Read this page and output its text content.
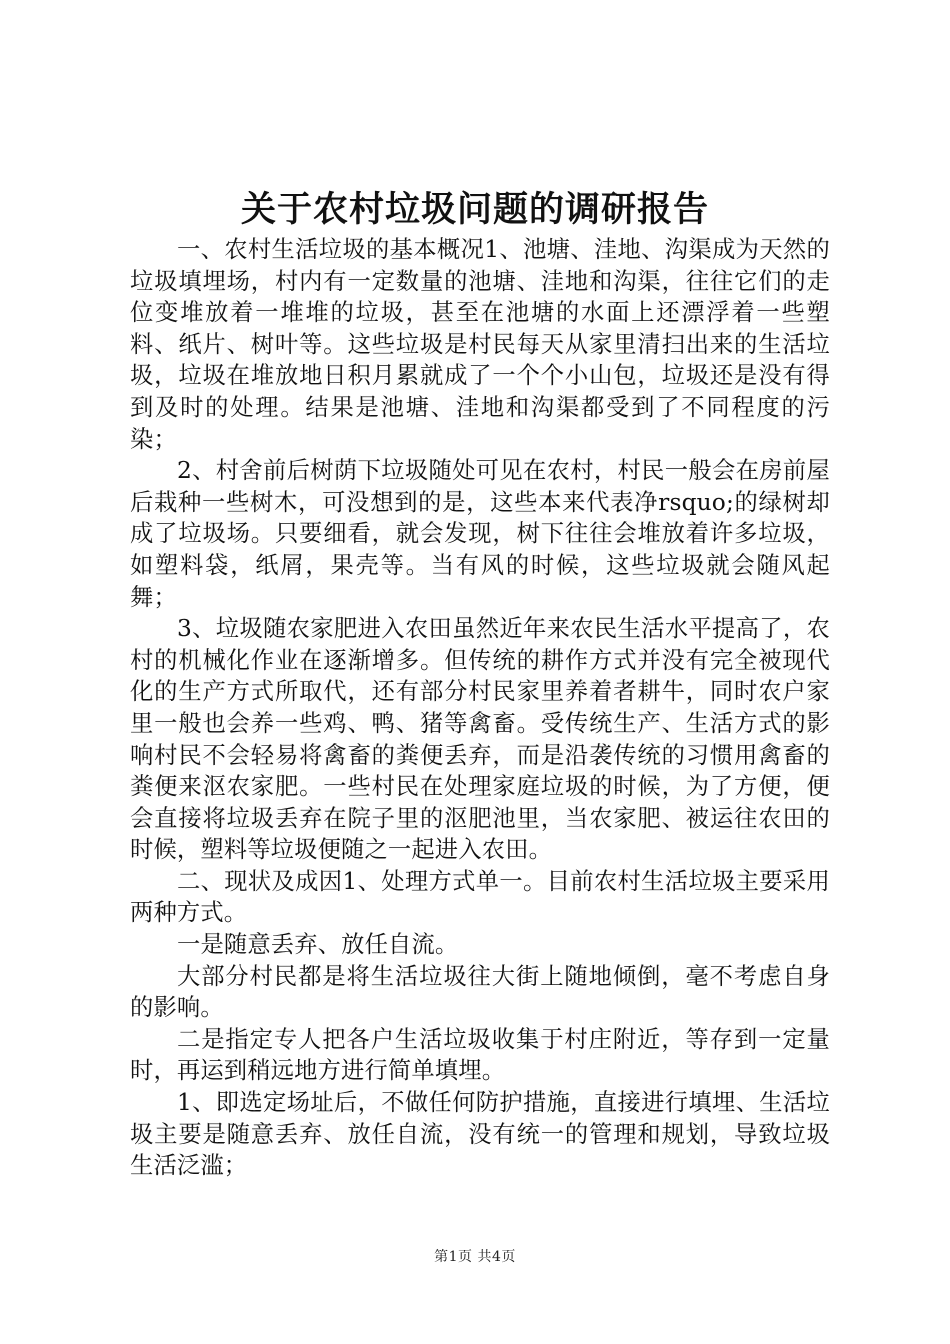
关于农村垃圾问题的调研报告

一、农村生活垃圾的基本概况1、池塘、洼地、沟渠成为天然的垃圾填埋场，村内有一定数量的池塘、洼地和沟渠，往往它们的走位变堆放着一堆堆的垃圾，甚至在池塘的水面上还漂浮着一些塑料、纸片、树叶等。这些垃圾是村民每天从家里清扫出来的生活垃圾，垃圾在堆放地日积月累就成了一个个小山包，垃圾还是没有得到及时的处理。结果是池塘、洼地和沟渠都受到了不同程度的污染；

2、村舍前后树荫下垃圾随处可见在农村，村民一般会在房前屋后栽种一些树木，可没想到的是，这些本来代表净rsquo;的绿树却成了垃圾场。只要细看，就会发现，树下往往会堆放着许多垃圾，如塑料袋，纸屑，果壳等。当有风的时候，这些垃圾就会随风起舞；

3、垃圾随农家肥进入农田虽然近年来农民生活水平提高了，农村的机械化作业在逐渐增多。但传统的耕作方式并没有完全被现代化的生产方式所取代，还有部分村民家里养着者耕牛，同时农户家里一般也会养一些鸡、鸭、猪等禽畜。受传统生产、生活方式的影响村民不会轻易将禽畜的粪便丢弃，而是沿袭传统的习惯用禽畜的粪便来沤农家肥。一些村民在处理家庭垃圾的时候，为了方便，便会直接将垃圾丢弃在院子里的沤肥池里，当农家肥、被运往农田的时候，塑料等垃圾便随之一起进入农田。

二、现状及成因1、处理方式单一。目前农村生活垃圾主要采用两种方式。

一是随意丢弃、放任自流。

大部分村民都是将生活垃圾往大街上随地倾倒，毫不考虑自身的影响。

二是指定专人把各户生活垃圾收集于村庄附近，等存到一定量时，再运到稍远地方进行简单填埋。

1、即选定场址后，不做任何防护措施，直接进行填埋、生活垃圾主要是随意丢弃、放任自流，没有统一的管理和规划，导致垃圾生活泛滥；

第1页 共4页
